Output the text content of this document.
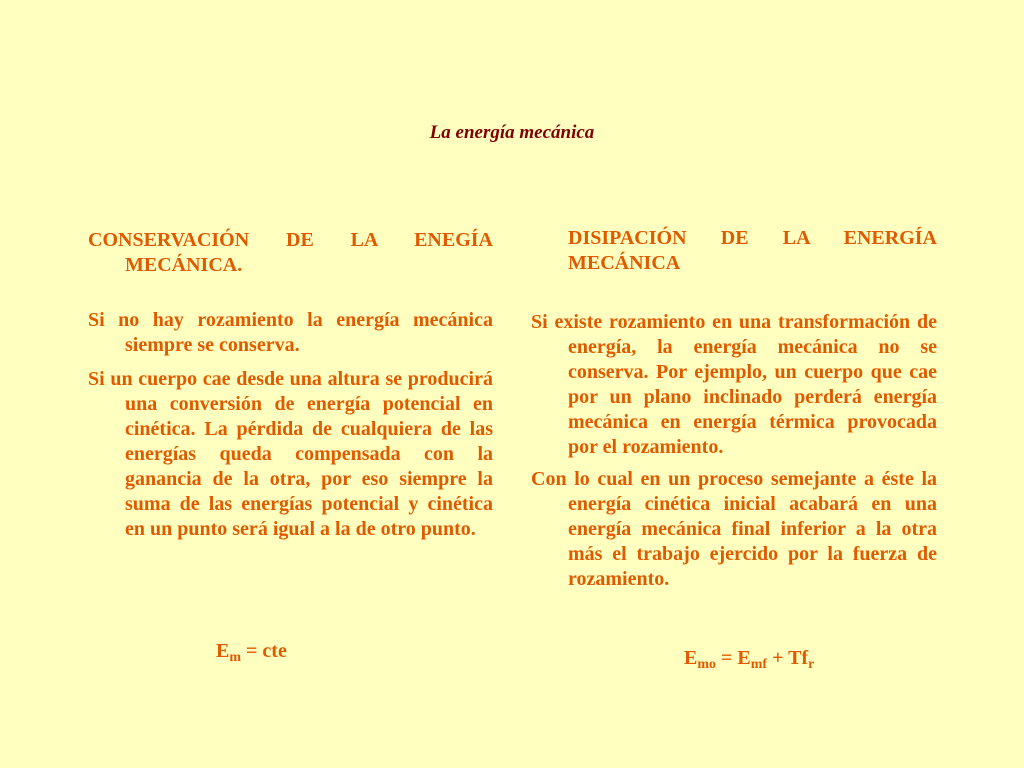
La energía mecánica

CONSERVACIÓN DE LA ENEGÍA MECÁNICA.

Si no hay rozamiento la energía mecánica siempre se conserva.

Si un cuerpo cae desde una altura se producirá una conversión de energía potencial en cinética. La pérdida de cualquiera de las energías queda compensada con la ganancia de la otra, por eso siempre la suma de las energías potencial y cinética en un punto será igual a la de otro punto.

$E_m$ = cte

DISIPACIÓN DE LA ENERGÍA
MECÁNICA

Si existe rozamiento en una transformación de energía, la energía mecánica no se conserva. Por ejemplo, un cuerpo que cae por un plano inclinado perderá energía mecánica en energía térmica provocada por el rozamiento.

Con lo cual en un proceso semejante a éste la energía cinética inicial acabará en una energía mecánica final inferior a la otra más el trabajo ejercido por la fuerza de rozamiento.

$E_{mo} = E_{mf} + Tf_r$
